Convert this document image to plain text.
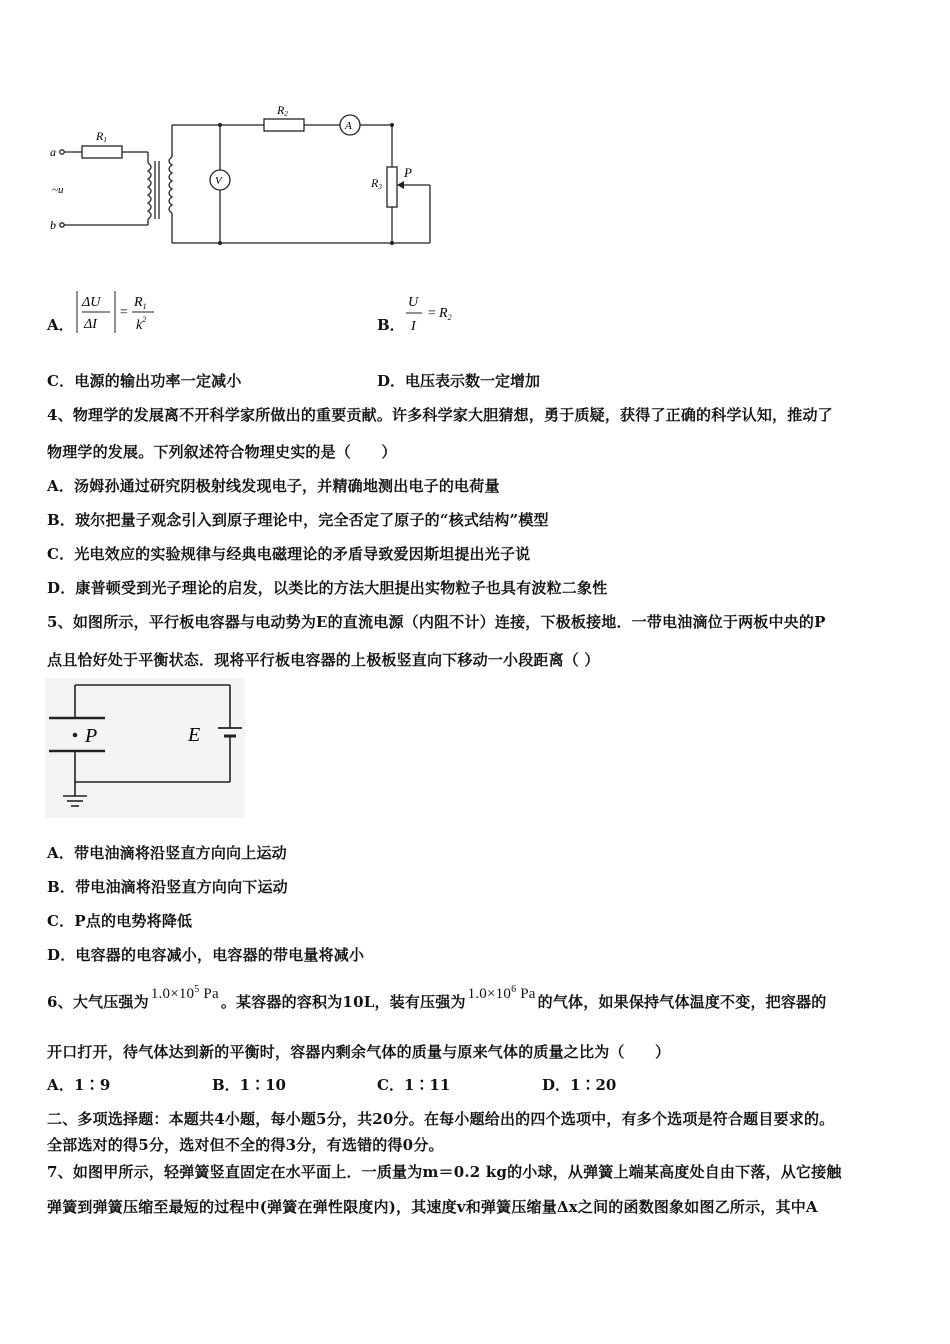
a
~u
b
R1
R2
R3
P
A
V
A．
ΔU
ΔI
=
$R_1$
$k^2$	B．
U
I
= $R_2$
C．电源的输出功率一定减小	D．电压表示数一定增加
4、物理学的发展离不开科学家所做出的重要贡献。许多科学家大胆猜想，勇于质疑，获得了正确的科学认知，推动了
物理学的发展。下列叙述符合物理史实的是（　　）
A．汤姆孙通过研究阴极射线发现电子，并精确地测出电子的电荷量
B．玻尔把量子观念引入到原子理论中，完全否定了原子的“核式结构”模型
C．光电效应的实验规律与经典电磁理论的矛盾导致爱因斯坦提出光子说
D．康普顿受到光子理论的启发，以类比的方法大胆提出实物粒子也具有波粒二象性
5、如图所示，平行板电容器与电动势为E的直流电源（内阻不计）连接，下极板接地．一带电油滴位于两板中央的P
点且恰好处于平衡状态．现将平行板电容器的上极板竖直向下移动一小段距离（ ）
P	E
A．带电油滴将沿竖直方向向上运动
B．带电油滴将沿竖直方向向下运动
C．P点的电势将降低
D．电容器的电容减小，电容器的带电量将减小
6、大气压强为 $1.0\times 10^5$ Pa 。某容器的容积为10L，装有压强为 $1.0\times 10^6$ Pa 的气体，如果保持气体温度不变，把容器的
开口打开，待气体达到新的平衡时，容器内剩余气体的质量与原来气体的质量之比为（　　）
A．1∶9	B．1∶10	C．1∶11	D．1∶20
二、多项选择题：本题共4小题，每小题5分，共20分。在每小题给出的四个选项中，有多个选项是符合题目要求的。
全部选对的得5分，选对但不全的得3分，有选错的得0分。
7、如图甲所示，轻弹簧竖直固定在水平面上．一质量为m＝0.2 kg的小球，从弹簧上端某高度处自由下落，从它接触
弹簧到弹簧压缩至最短的过程中(弹簧在弹性限度内)，其速度v和弹簧压缩量Δx之间的函数图象如图乙所示，其中A
